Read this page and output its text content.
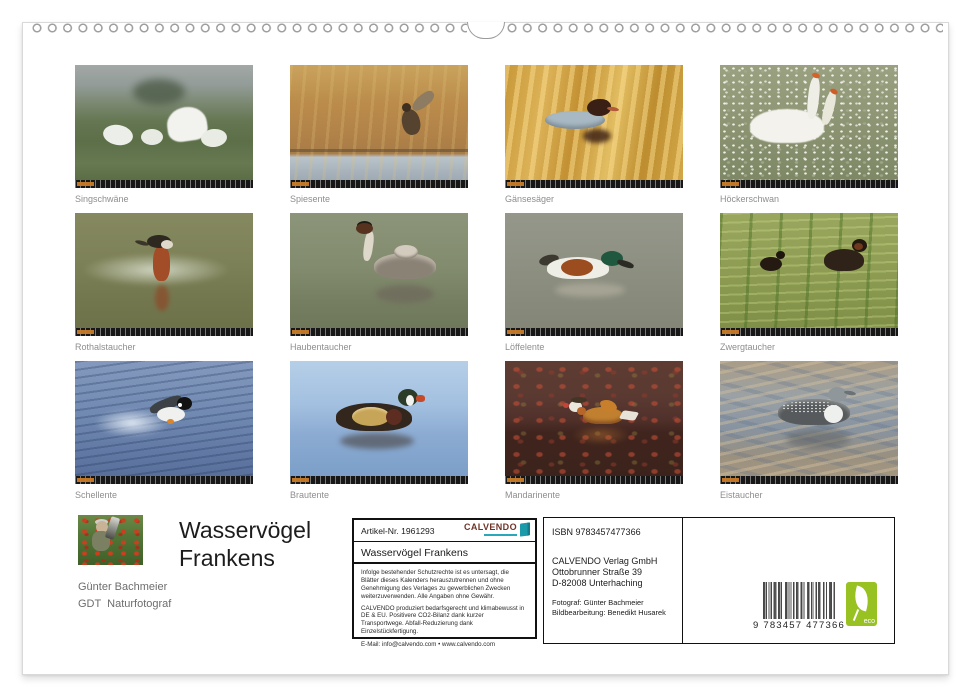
Singschwäne	Spiesente	Gänsesäger	Höckerschwan
Rothalstaucher	Haubentaucher	Löffelente	Zwergtaucher
Schellente	Brautente	Mandarinente	Eistaucher
Günter Bachmeier
GDT  Naturfotograf
Wasservögel
Frankens
Artikel-Nr. 1961293	CALVENDO
Wasservögel Frankens

Infolge bestehender Schutzrechte ist es untersagt, die Blätter dieses Kalenders herauszutrennen und ohne Genehmigung des Verlages zu gewerblichen Zwecken weiterzuverwenden. Alle Angaben ohne Gewähr.

CALVENDO produziert bedarfsgerecht und klimabewusst in DE & EU. Positivere CO2-Bilanz dank kurzer Transportwege. Abfall-Reduzierung dank Einzelstückfertigung.

E-Mail: info@calvendo.com • www.calvendo.com

ISBN 9783457477366
CALVENDO Verlag GmbH
Ottobrunner Straße 39
D-82008 Unterhaching
Fotograf: Günter Bachmeier
Bildbearbeitung: Benedikt Husarek
9 783457 477366	eco
